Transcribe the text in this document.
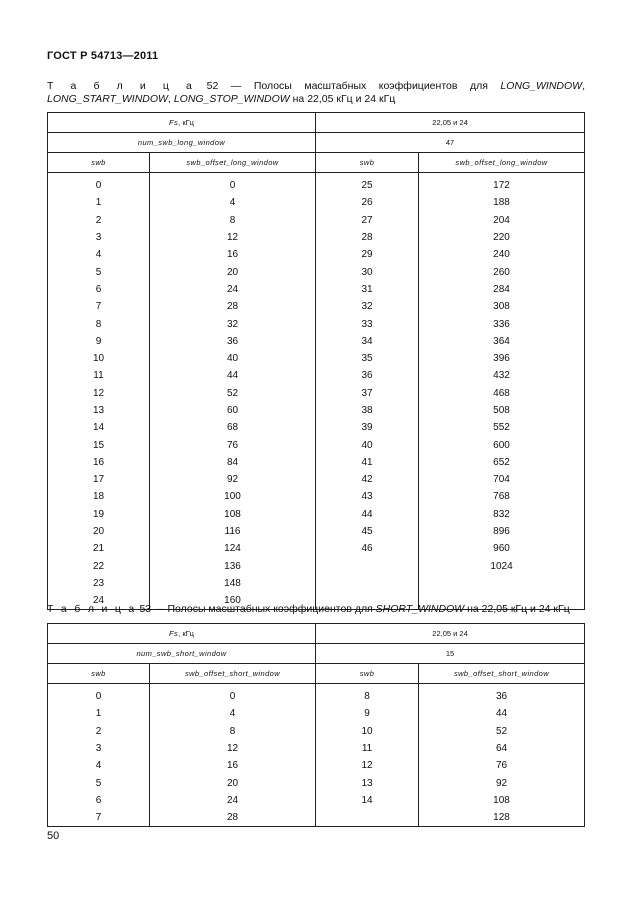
ГОСТ Р 54713—2011
Т а б л и ц а 52 — Полосы масштабных коэффициентов для LONG_WINDOW, LONG_START_WINDOW, LONG_STOP_WINDOW на 22,05 кГц и 24 кГц
Fs, кГц		22,05 и 24	
num_swb_long_window		47	
swb	swb_offset_long_window	swb	swb_offset_long_window
0	0	25	172
1	4	26	188
2	8	27	204
3	12	28	220
4	16	29	240
5	20	30	260
6	24	31	284
7	28	32	308
8	32	33	336
9	36	34	364
10	40	35	396
11	44	36	432
12	52	37	468
13	60	38	508
14	68	39	552
15	76	40	600
16	84	41	652
17	92	42	704
18	100	43	768
19	108	44	832
20	116	45	896
21	124	46	960
22	136		1024
23	148		
24	160		
Т а б л и ц а 53 — Полосы масштабных коэффициентов для SHORT_WINDOW на 22,05 кГц и 24 кГц
Fs, кГц		22,05 и 24	
num_swb_short_window		15	
swb	swb_offset_short_window	swb	swb_offset_short_window
0	0	8	36
1	4	9	44
2	8	10	52
3	12	11	64
4	16	12	76
5	20	13	92
6	24	14	108
7	28		128
50
